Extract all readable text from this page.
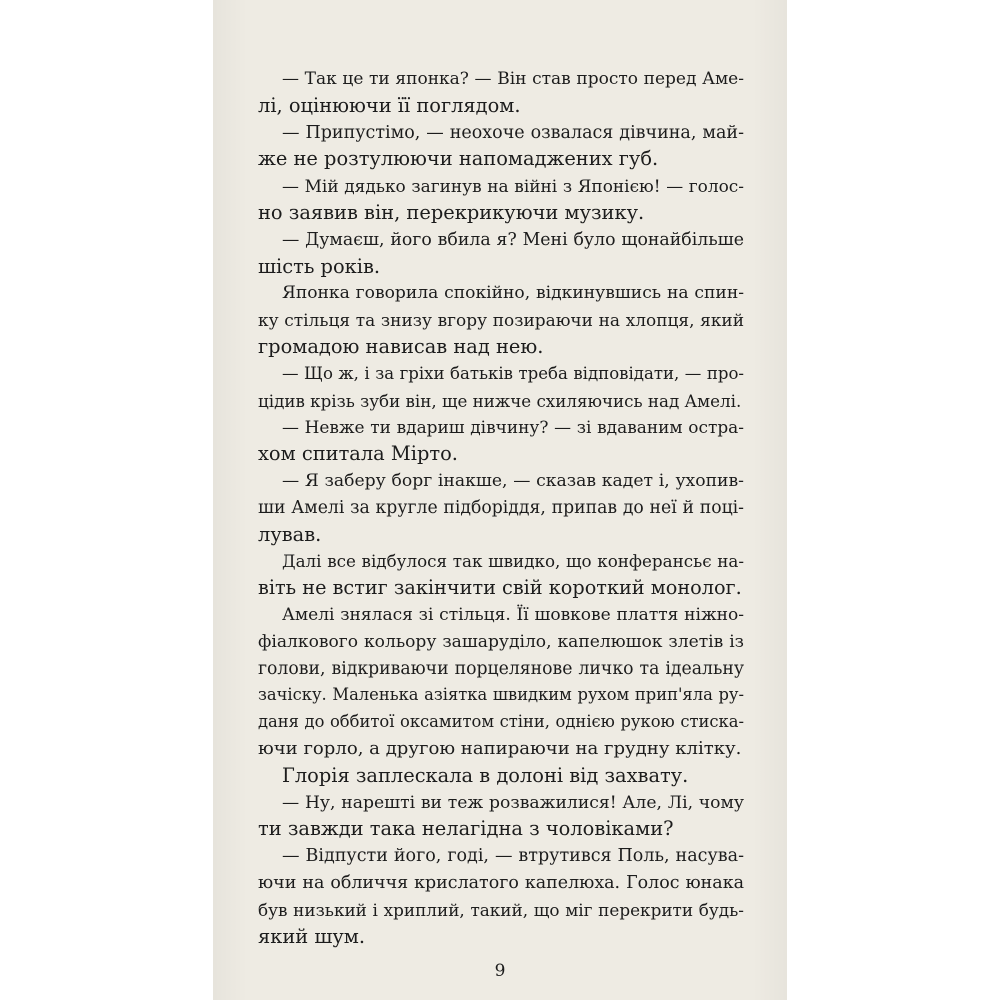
— Так це ти японка? — Він став просто перед Аме-
лі, оцінюючи її поглядом.
— Припустімо, — неохоче озвалася дівчина, май-
же не розтулюючи напомаджених губ.
— Мій дядько загинув на війні з Японією! — голос-
но заявив він, перекрикуючи музику.
— Думаєш, його вбила я? Мені було щонайбільше
шість років.
Японка говорила спокійно, відкинувшись на спин-
ку стільця та знизу вгору позираючи на хлопця, який
громадою нависав над нею.
— Що ж, і за гріхи батьків треба відповідати, — про-
цідив крізь зуби він, ще нижче схиляючись над Амелі.
— Невже ти вдариш дівчину? — зі вдаваним остра-
хом спитала Мірто.
— Я заберу борг інакше, — сказав кадет і, ухопив-
ши Амелі за кругле підборіддя, припав до неї й поці-
лував.
Далі все відбулося так швидко, що конферансьє на-
віть не встиг закінчити свій короткий монолог.
Амелі знялася зі стільця. Її шовкове плаття ніжно-
фіалкового кольору зашаруділо, капелюшок злетів із
голови, відкриваючи порцелянове личко та ідеальну
зачіску. Маленька азіятка швидким рухом прип'яла ру-
даня до оббитої оксамитом стіни, однією рукою стиска-
ючи горло, а другою напираючи на грудну клітку.
Глорія заплескала в долоні від захвату.
— Ну, нарешті ви теж розважилися! Але, Лі, чому
ти завжди така нелагідна з чоловіками?
— Відпусти його, годі, — втрутився Поль, насува-
ючи на обличчя крислатого капелюха. Голос юнака
був низький і хриплий, такий, що міг перекрити будь-
який шум.
9
